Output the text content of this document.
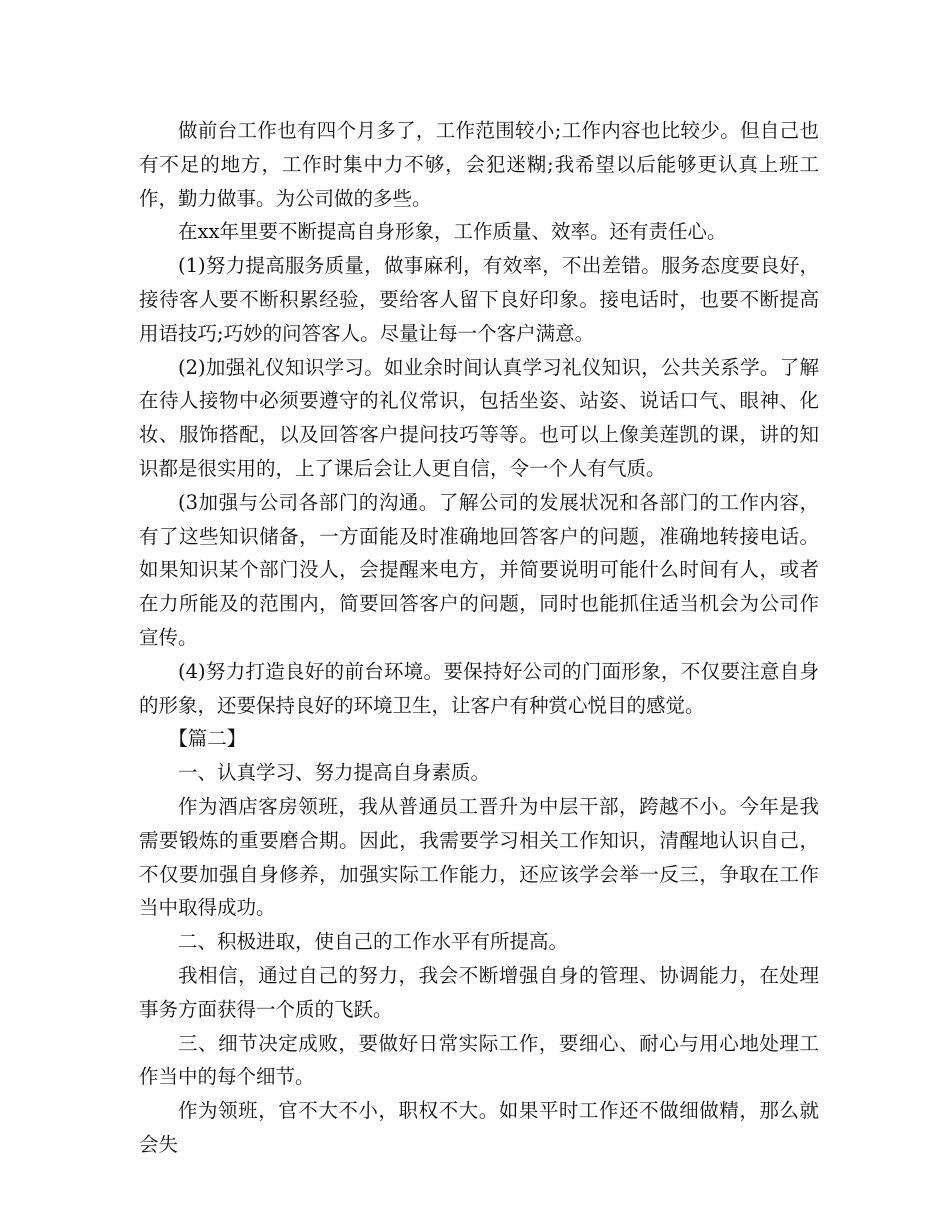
做前台工作也有四个月多了，工作范围较小;工作内容也比较少。但自己也有不足的地方，工作时集中力不够，会犯迷糊;我希望以后能够更认真上班工作，勤力做事。为公司做的多些。

在xx年里要不断提高自身形象，工作质量、效率。还有责任心。

(1)努力提高服务质量，做事麻利，有效率，不出差错。服务态度要良好，接待客人要不断积累经验，要给客人留下良好印象。接电话时，也要不断提高用语技巧;巧妙的问答客人。尽量让每一个客户满意。

(2)加强礼仪知识学习。如业余时间认真学习礼仪知识，公共关系学。了解在待人接物中必须要遵守的礼仪常识，包括坐姿、站姿、说话口气、眼神、化妆、服饰搭配，以及回答客户提问技巧等等。也可以上像美莲凯的课，讲的知识都是很实用的，上了课后会让人更自信，令一个人有气质。

(3加强与公司各部门的沟通。了解公司的发展状况和各部门的工作内容，有了这些知识储备，一方面能及时准确地回答客户的问题，准确地转接电话。如果知识某个部门没人，会提醒来电方，并简要说明可能什么时间有人，或者在力所能及的范围内，简要回答客户的问题，同时也能抓住适当机会为公司作宣传。

(4)努力打造良好的前台环境。要保持好公司的门面形象，不仅要注意自身的形象，还要保持良好的环境卫生，让客户有种赏心悦目的感觉。

【篇二】

一、认真学习、努力提高自身素质。

作为酒店客房领班，我从普通员工晋升为中层干部，跨越不小。今年是我需要锻炼的重要磨合期。因此，我需要学习相关工作知识，清醒地认识自己，不仅要加强自身修养，加强实际工作能力，还应该学会举一反三，争取在工作当中取得成功。

二、积极进取，使自己的工作水平有所提高。

我相信，通过自己的努力，我会不断增强自身的管理、协调能力，在处理事务方面获得一个质的飞跃。

三、细节决定成败，要做好日常实际工作，要细心、耐心与用心地处理工作当中的每个细节。

作为领班，官不大不小，职权不大。如果平时工作还不做细做精，那么就会失
